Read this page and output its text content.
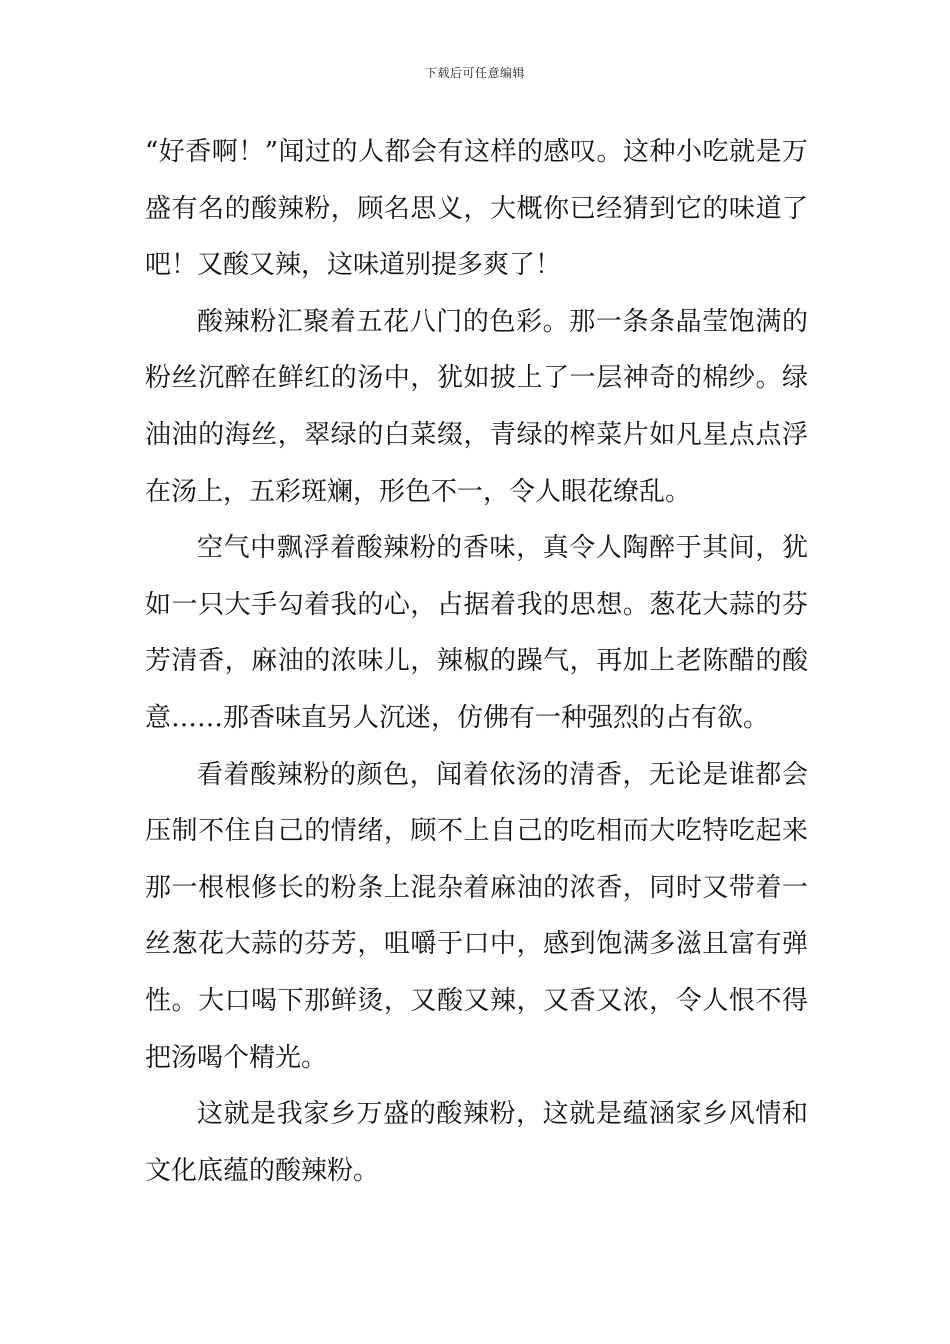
下载后可任意编辑

“好香啊！”闻过的人都会有这样的感叹。这种小吃就是万盛有名的酸辣粉，顾名思义，大概你已经猜到它的味道了吧！又酸又辣，这味道别提多爽了！

酸辣粉汇聚着五花八门的色彩。那一条条晶莹饱满的粉丝沉醉在鲜红的汤中，犹如披上了一层神奇的棉纱。绿油油的海丝，翠绿的白菜缀，青绿的榨菜片如凡星点点浮在汤上，五彩斑斓，形色不一，令人眼花缭乱。

空气中飘浮着酸辣粉的香味，真令人陶醉于其间，犹如一只大手勾着我的心，占据着我的思想。葱花大蒜的芬芳清香，麻油的浓味儿，辣椒的躁气，再加上老陈醋的酸意……那香味直另人沉迷，仿佛有一种强烈的占有欲。

看着酸辣粉的颜色，闻着依汤的清香，无论是谁都会压制不住自己的情绪，顾不上自己的吃相而大吃特吃起来那一根根修长的粉条上混杂着麻油的浓香，同时又带着一丝葱花大蒜的芬芳，咀嚼于口中，感到饱满多滋且富有弹性。大口喝下那鲜烫，又酸又辣，又香又浓，令人恨不得把汤喝个精光。

这就是我家乡万盛的酸辣粉，这就是蕴涵家乡风情和文化底蕴的酸辣粉。
